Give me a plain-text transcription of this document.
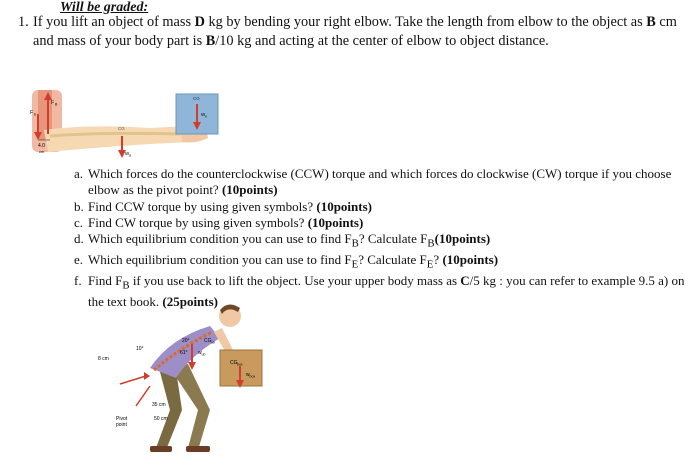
Will be graded:
1. If you lift an object of mass D kg by bending your right elbow. Take the length from elbow to the object as B cm and mass of your body part is B/10 kg and acting at the center of elbow to object distance.
F B
F E
4.0
cm
CG
W a
CG
W o
a. Which forces do the counterclockwise (CCW) torque and which forces do clockwise (CW) torque if you choose elbow as the pivot point? (10points)
b. Find CCW torque by using given symbols? (10points)
c. Find CW torque by using given symbols? (10points)
d. Which equilibrium condition you can use to find $F_B$? Calculate $F_B(10points)$
e. Which equilibrium condition you can use to find $F_E$? Calculate $F_E$? (10points)
f. Find $F_B$ if you use back to lift the object. Use your upper body mass as C/5 kg : you can refer to example 9.5 a) on the text book. (25points)
8 cm
10°
20°
61°
CG ub
w ub
CG box
w box
Pivot
point
35 cm
50 cm
